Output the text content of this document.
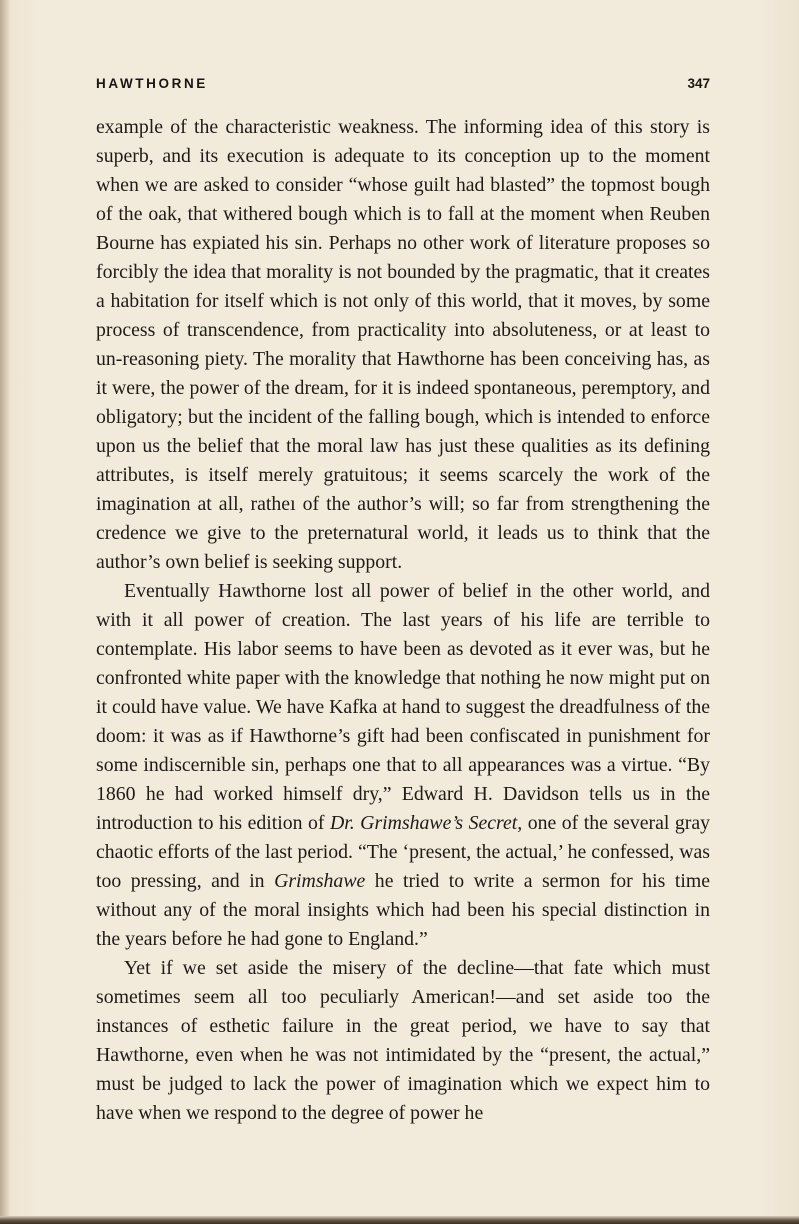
HAWTHORNE	347

example of the characteristic weakness. The informing idea of this story is superb, and its execution is adequate to its conception up to the moment when we are asked to consider “whose guilt had blasted” the topmost bough of the oak, that withered bough which is to fall at the moment when Reuben Bourne has expiated his sin. Perhaps no other work of literature proposes so forcibly the idea that morality is not bounded by the pragmatic, that it creates a habitation for itself which is not only of this world, that it moves, by some process of transcendence, from practicality into absoluteness, or at least to un-reasoning piety. The morality that Hawthorne has been conceiving has, as it were, the power of the dream, for it is indeed spontaneous, peremptory, and obligatory; but the incident of the falling bough, which is intended to enforce upon us the belief that the moral law has just these qualities as its defining attributes, is itself merely gratuitous; it seems scarcely the work of the imagination at all, ratheı of the author’s will; so far from strengthening the credence we give to the preternatural world, it leads us to think that the author’s own belief is seeking support.

Eventually Hawthorne lost all power of belief in the other world, and with it all power of creation. The last years of his life are terrible to contemplate. His labor seems to have been as devoted as it ever was, but he confronted white paper with the knowledge that nothing he now might put on it could have value. We have Kafka at hand to suggest the dreadfulness of the doom: it was as if Hawthorne’s gift had been confiscated in punishment for some indiscernible sin, perhaps one that to all appearances was a virtue. “By 1860 he had worked himself dry,” Edward H. Davidson tells us in the introduction to his edition of Dr. Grimshawe’s Secret, one of the several gray chaotic efforts of the last period. “The ‘present, the actual,’ he confessed, was too pressing, and in Grimshawe he tried to write a sermon for his time without any of the moral insights which had been his special distinction in the years before he had gone to England.”

Yet if we set aside the misery of the decline—that fate which must sometimes seem all too peculiarly American!—and set aside too the instances of esthetic failure in the great period, we have to say that Hawthorne, even when he was not intimidated by the “present, the actual,” must be judged to lack the power of imagination which we expect him to have when we respond to the degree of power he
